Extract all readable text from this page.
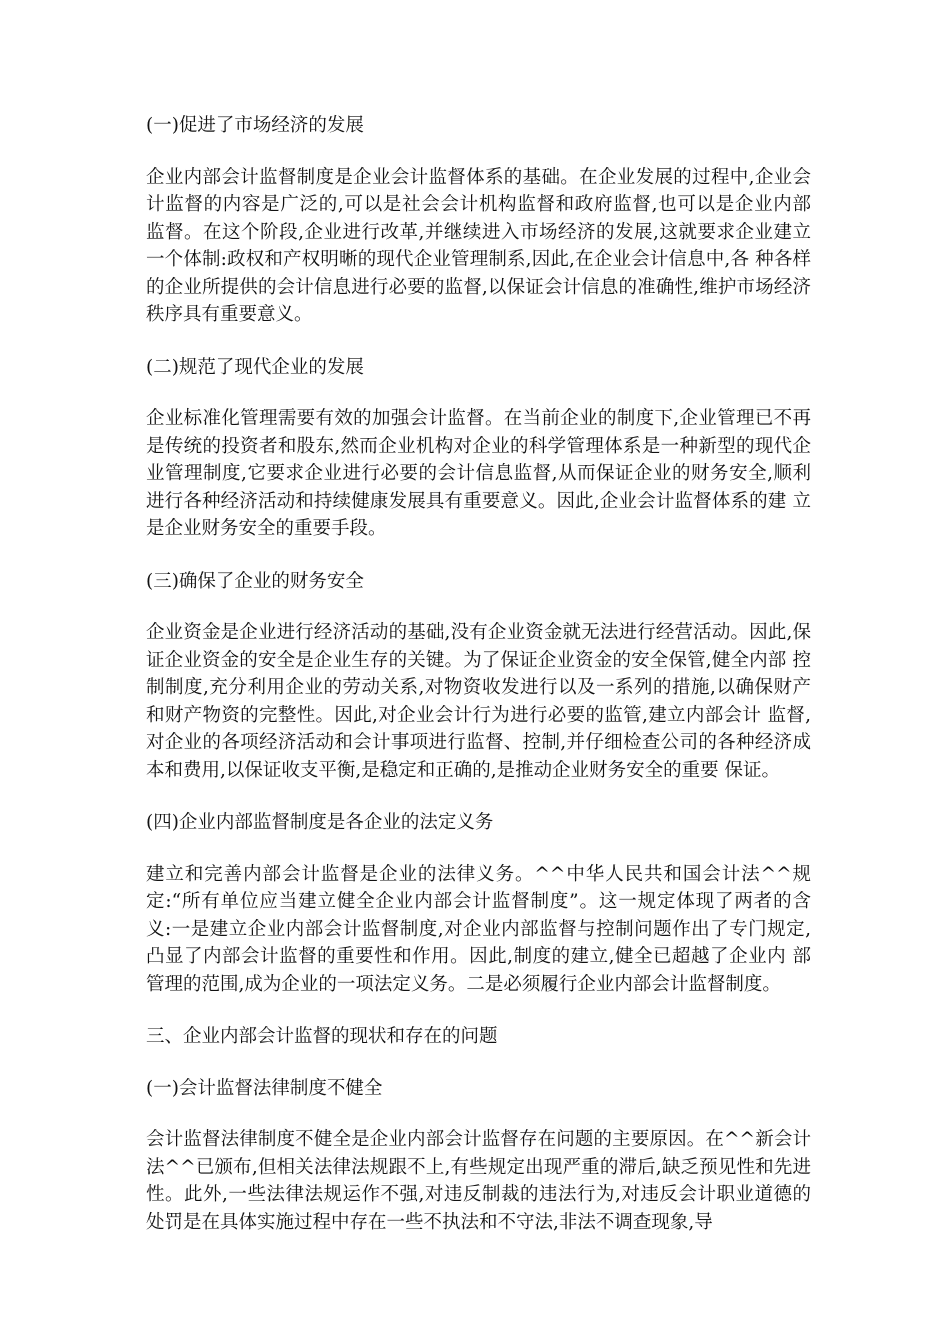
(一)促进了市场经济的发展

企业内部会计监督制度是企业会计监督体系的基础。在企业发展的过程中,企业会计监督的内容是广泛的,可以是社会会计机构监督和政府监督,也可以是企业内部 监督。在这个阶段,企业进行改革,并继续进入市场经济的发展,这就要求企业建立一个体制:政权和产权明晰的现代企业管理制系,因此,在企业会计信息中,各 种各样的企业所提供的会计信息进行必要的监督,以保证会计信息的准确性,维护市场经济秩序具有重要意义。

(二)规范了现代企业的发展

企业标准化管理需要有效的加强会计监督。在当前企业的制度下,企业管理已不再是传统的投资者和股东,然而企业机构对企业的科学管理体系是一种新型的现代企 业管理制度,它要求企业进行必要的会计信息监督,从而保证企业的财务安全,顺利进行各种经济活动和持续健康发展具有重要意义。因此,企业会计监督体系的建 立是企业财务安全的重要手段。

(三)确保了企业的财务安全

企业资金是企业进行经济活动的基础,没有企业资金就无法进行经营活动。因此,保证企业资金的安全是企业生存的关键。为了保证企业资金的安全保管,健全内部 控制制度,充分利用企业的劳动关系,对物资收发进行以及一系列的措施,以确保财产和财产物资的完整性。因此,对企业会计行为进行必要的监管,建立内部会计 监督,对企业的各项经济活动和会计事项进行监督、控制,并仔细检查公司的各种经济成本和费用,以保证收支平衡,是稳定和正确的,是推动企业财务安全的重要 保证。

(四)企业内部监督制度是各企业的法定义务

建立和完善内部会计监督是企业的法律义务。^^中华人民共和国会计法^^规定:“所有单位应当建立健全企业内部会计监督制度”。这一规定体现了两者的含 义:一是建立企业内部会计监督制度,对企业内部监督与控制问题作出了专门规定,凸显了内部会计监督的重要性和作用。因此,制度的建立,健全已超越了企业内 部管理的范围,成为企业的一项法定义务。二是必须履行企业内部会计监督制度。

三、企业内部会计监督的现状和存在的问题

(一)会计监督法律制度不健全

会计监督法律制度不健全是企业内部会计监督存在问题的主要原因。在^^新会计法^^已颁布,但相关法律法规跟不上,有些规定出现严重的滞后,缺乏预见性和先进性。此外,一些法律法规运作不强,对违反制裁的违法行为,对违反会计职业道德的处罚是在具体实施过程中存在一些不执法和不守法,非法不调查现象,导
